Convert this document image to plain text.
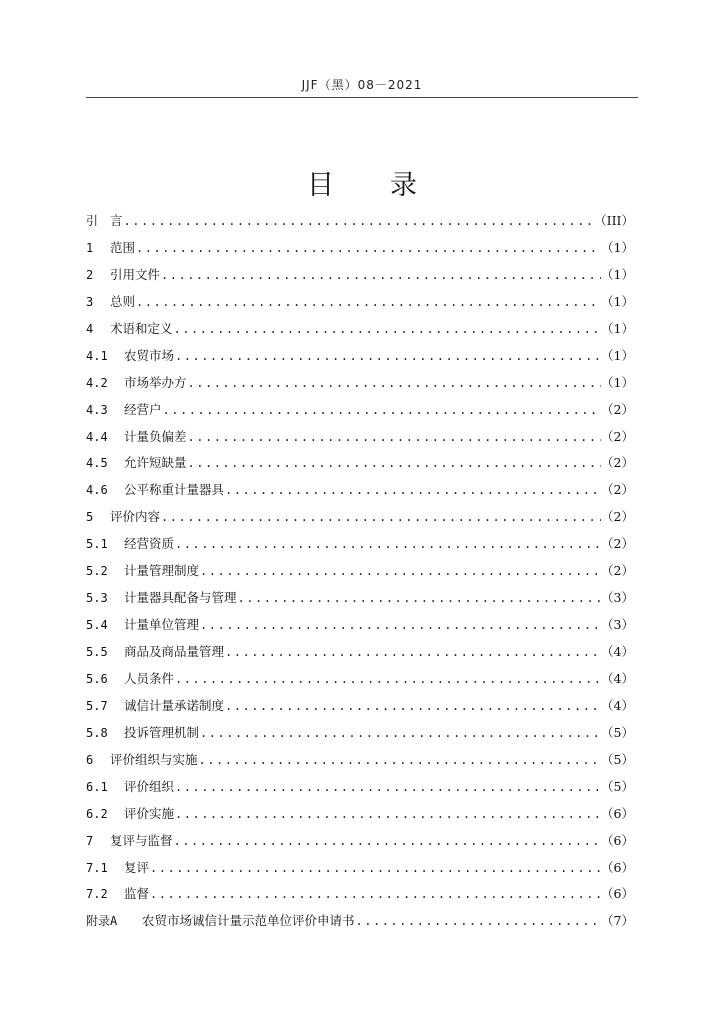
JJF（黑）08－2021
目录
引 言 .....	（III）
1	范围 .....	（1）
2	引用文件 .....	（1）
3	总则 .....	（1）
4	术语和定义 .....	（1）
4.1	农贸市场 .....	（1）
4.2	市场举办方 .....	（1）
4.3	经营户 .....	（2）
4.4	计量负偏差 .....	（2）
4.5	允许短缺量 .....	（2）
4.6	公平称重计量器具 .....	（2）
5	评价内容 .....	（2）
5.1	经营资质 .....	（2）
5.2	计量管理制度 .....	（2）
5.3	计量器具配备与管理 .....	（3）
5.4	计量单位管理 .....	（3）
5.5	商品及商品量管理 .....	（4）
5.6	人员条件 .....	（4）
5.7	诚信计量承诺制度 .....	（4）
5.8	投诉管理机制 .....	（5）
6	评价组织与实施 .....	（5）
6.1	评价组织 .....	（5）
6.2	评价实施 .....	（6）
7	复评与监督 .....	（6）
7.1	复评 .....	（6）
7.2	监督 .....	（6）
附录A	农贸市场诚信计量示范单位评价申请书 .....	（7）
